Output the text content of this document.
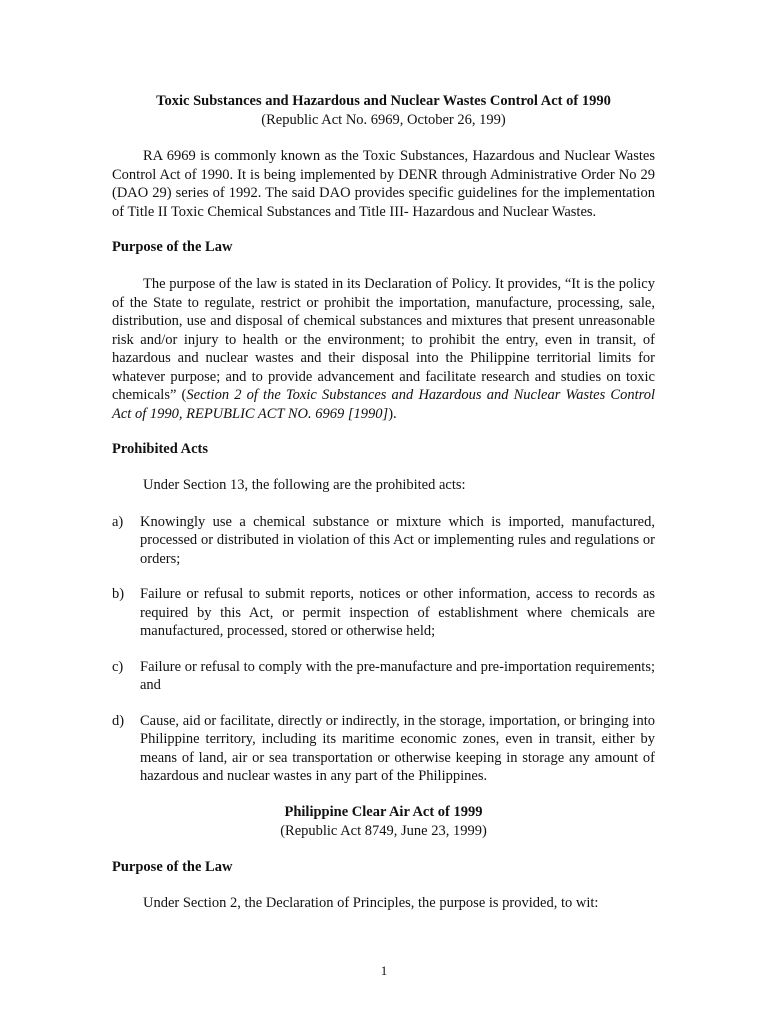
Toxic Substances and Hazardous and Nuclear Wastes Control Act of 1990
(Republic Act No. 6969, October 26, 199)

RA 6969 is commonly known as the Toxic Substances, Hazardous and Nuclear Wastes Control Act of 1990. It is being implemented by DENR through Administrative Order No 29 (DAO 29) series of 1992. The said DAO provides specific guidelines for the implementation of Title II Toxic Chemical Substances and Title III- Hazardous and Nuclear Wastes.

Purpose of the Law

The purpose of the law is stated in its Declaration of Policy. It provides, “It is the policy of the State to regulate, restrict or prohibit the importation, manufacture, processing, sale, distribution, use and disposal of chemical substances and mixtures that present unreasonable risk and/or injury to health or the environment; to prohibit the entry, even in transit, of hazardous and nuclear wastes and their disposal into the Philippine territorial limits for whatever purpose; and to provide advancement and facilitate research and studies on toxic chemicals” (Section 2 of the Toxic Substances and Hazardous and Nuclear Wastes Control Act of 1990, REPUBLIC ACT NO. 6969 [1990]).

Prohibited Acts

Under Section 13, the following are the prohibited acts:

a)	Knowingly use a chemical substance or mixture which is imported, manufactured, processed or distributed in violation of this Act or implementing rules and regulations or orders;
b)	Failure or refusal to submit reports, notices or other information, access to records as required by this Act, or permit inspection of establishment where chemicals are manufactured, processed, stored or otherwise held;
c)	Failure or refusal to comply with the pre-manufacture and pre-importation requirements; and
d)	Cause, aid or facilitate, directly or indirectly, in the storage, importation, or bringing into Philippine territory, including its maritime economic zones, even in transit, either by means of land, air or sea transportation or otherwise keeping in storage any amount of hazardous and nuclear wastes in any part of the Philippines.
Philippine Clear Air Act of 1999
(Republic Act 8749, June 23, 1999)
Purpose of the Law

Under Section 2, the Declaration of Principles, the purpose is provided, to wit:

1
